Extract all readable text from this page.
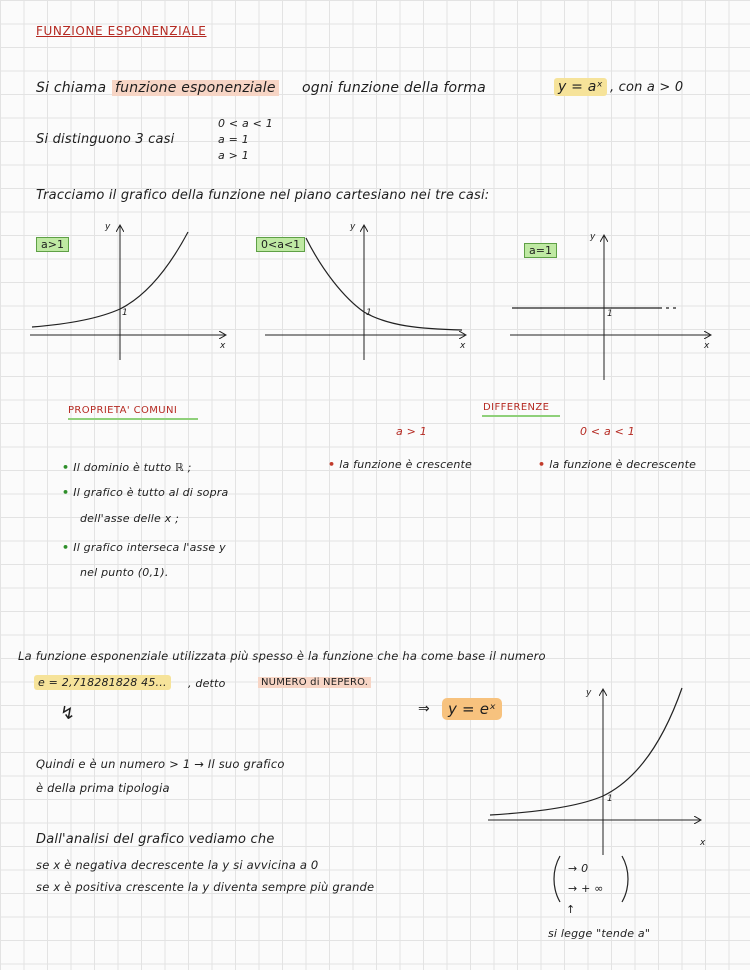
FUNZIONE ESPONENZIALE
Si chiama funzione esponenziale ogni funzione della forma	y = aˣ , con a > 0
Si distinguono 3 casi
0 < a < 1
a = 1
a > 1
Tracciamo il grafico della funzione nel piano cartesiano nei tre casi:
a>1	0<a<1	a=1
y
x
1
y
x
1
y
x
1
PROPRIETA' COMUNI
• Il dominio è tutto ℝ ;
• Il grafico è tutto al di sopra
dell'asse delle x ;
• Il grafico interseca l'asse y
nel punto (0,1).
DIFFERENZE
a > 1	0 < a < 1
• la funzione è crescente	• la funzione è decrescente
La funzione esponenziale utilizzata più spesso è la funzione che ha come base il numero
e = 2,718281828 45...	, detto	NUMERO di NEPERO.
⇒	y = eˣ
↯
Quindi e è un numero > 1 → Il suo grafico
è della prima tipologia
Dall'analisi del grafico vediamo che
se x è negativa decrescente la y si avvicina a 0
se x è positiva crescente la y diventa sempre più grande
→ 0
→ + ∞
↑
si legge "tende a"
y
x
1
